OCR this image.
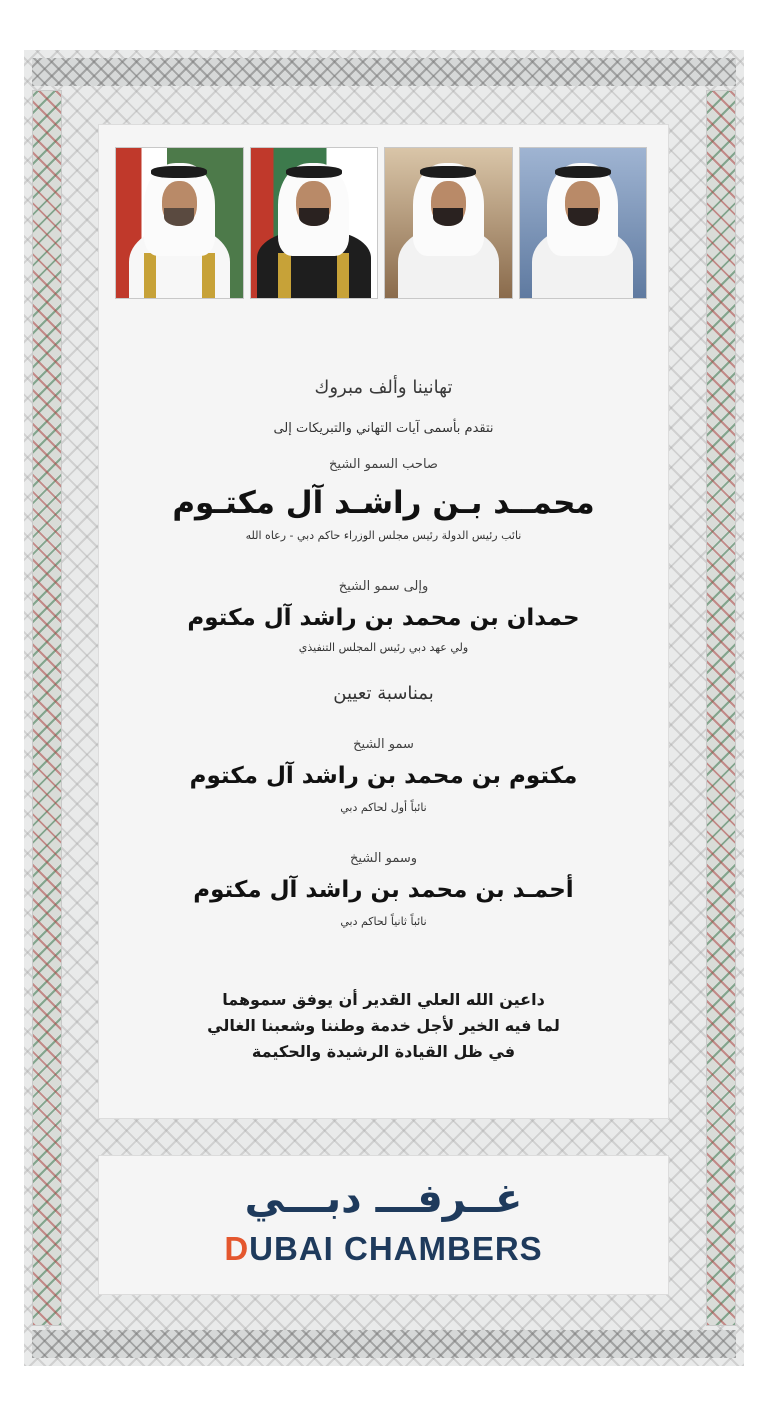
تهانينا وألف مبروك
نتقدم بأسمى آيات التهاني والتبريكات إلى
صاحب السمو الشيخ
محمــد بـن راشـد آل مكتـوم
نائب رئيس الدولة رئيس مجلس الوزراء حاكم دبي - رعاه الله
وإلى سمو الشيخ
حمدان بن محمد بن راشد آل مكتوم
ولي عهد دبي رئيس المجلس التنفيذي
بمناسبة تعيين
سمو الشيخ
مكتوم بن محمد بن راشد آل مكتوم
نائباً أول لحاكم دبي
وسمو الشيخ
أحمـد بن محمد بن راشد آل مكتوم
نائباً ثانياً لحاكم دبي
داعين الله العلي القدير أن يوفق سموهما
لما فيه الخير لأجل خدمة وطننا وشعبنا الغالي
في ظل القيادة الرشيدة والحكيمة
غــرفـــ دبـــي
DUBAI CHAMBERS
